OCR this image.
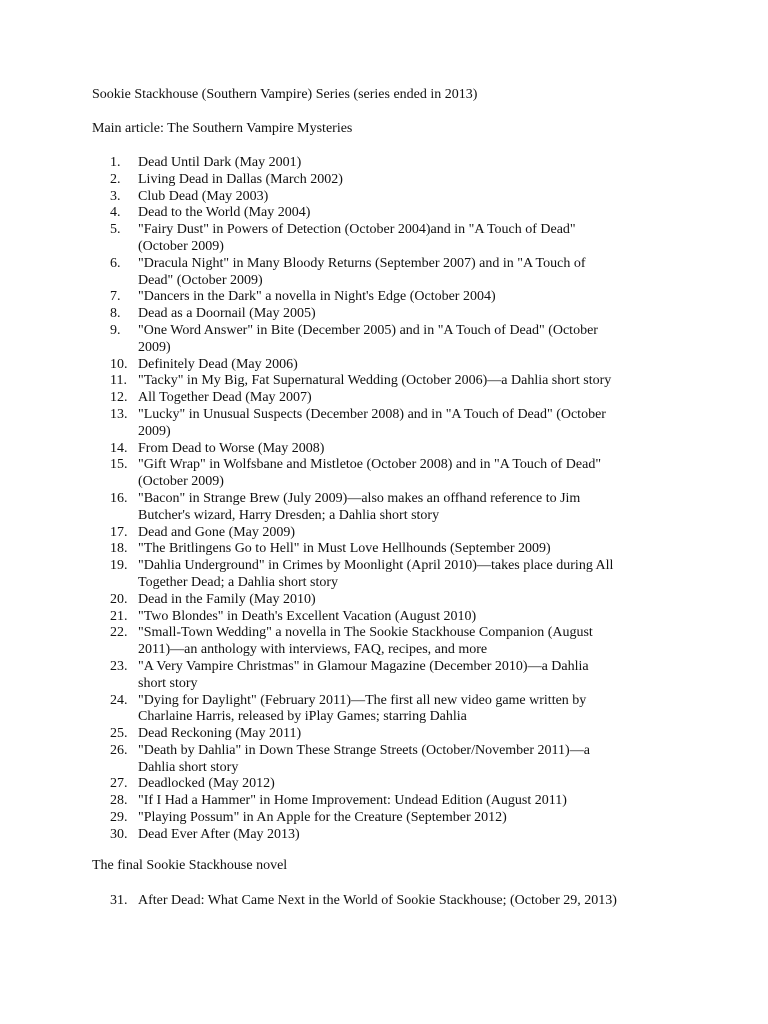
Sookie Stackhouse (Southern Vampire) Series (series ended in 2013)

Main article: The Southern Vampire Mysteries

1. Dead Until Dark (May 2001)
2. Living Dead in Dallas (March 2002)
3. Club Dead (May 2003)
4. Dead to the World (May 2004)
5. "Fairy Dust" in Powers of Detection (October 2004)and in "A Touch of Dead"
(October 2009)
6. "Dracula Night" in Many Bloody Returns (September 2007) and in "A Touch of
Dead" (October 2009)
7. "Dancers in the Dark" a novella in Night's Edge (October 2004)
8. Dead as a Doornail (May 2005)
9. "One Word Answer" in Bite (December 2005) and in "A Touch of Dead" (October
2009)
10. Definitely Dead (May 2006)
11. "Tacky" in My Big, Fat Supernatural Wedding (October 2006)—a Dahlia short story
12. All Together Dead (May 2007)
13. "Lucky" in Unusual Suspects (December 2008) and in "A Touch of Dead" (October
2009)
14. From Dead to Worse (May 2008)
15. "Gift Wrap" in Wolfsbane and Mistletoe (October 2008) and in "A Touch of Dead"
(October 2009)
16. "Bacon" in Strange Brew (July 2009)—also makes an offhand reference to Jim
Butcher's wizard, Harry Dresden; a Dahlia short story
17. Dead and Gone (May 2009)
18. "The Britlingens Go to Hell" in Must Love Hellhounds (September 2009)
19. "Dahlia Underground" in Crimes by Moonlight (April 2010)—takes place during All
Together Dead; a Dahlia short story
20. Dead in the Family (May 2010)
21. "Two Blondes" in Death's Excellent Vacation (August 2010)
22. "Small-Town Wedding" a novella in The Sookie Stackhouse Companion (August
2011)—an anthology with interviews, FAQ, recipes, and more
23. "A Very Vampire Christmas" in Glamour Magazine (December 2010)—a Dahlia
short story
24. "Dying for Daylight" (February 2011)—The first all new video game written by
Charlaine Harris, released by iPlay Games; starring Dahlia
25. Dead Reckoning (May 2011)
26. "Death by Dahlia" in Down These Strange Streets (October/November 2011)—a
Dahlia short story
27. Deadlocked (May 2012)
28. "If I Had a Hammer" in Home Improvement: Undead Edition (August 2011)
29. "Playing Possum" in An Apple for the Creature (September 2012)
30. Dead Ever After (May 2013)

The final Sookie Stackhouse novel

31. After Dead: What Came Next in the World of Sookie Stackhouse; (October 29, 2013)
